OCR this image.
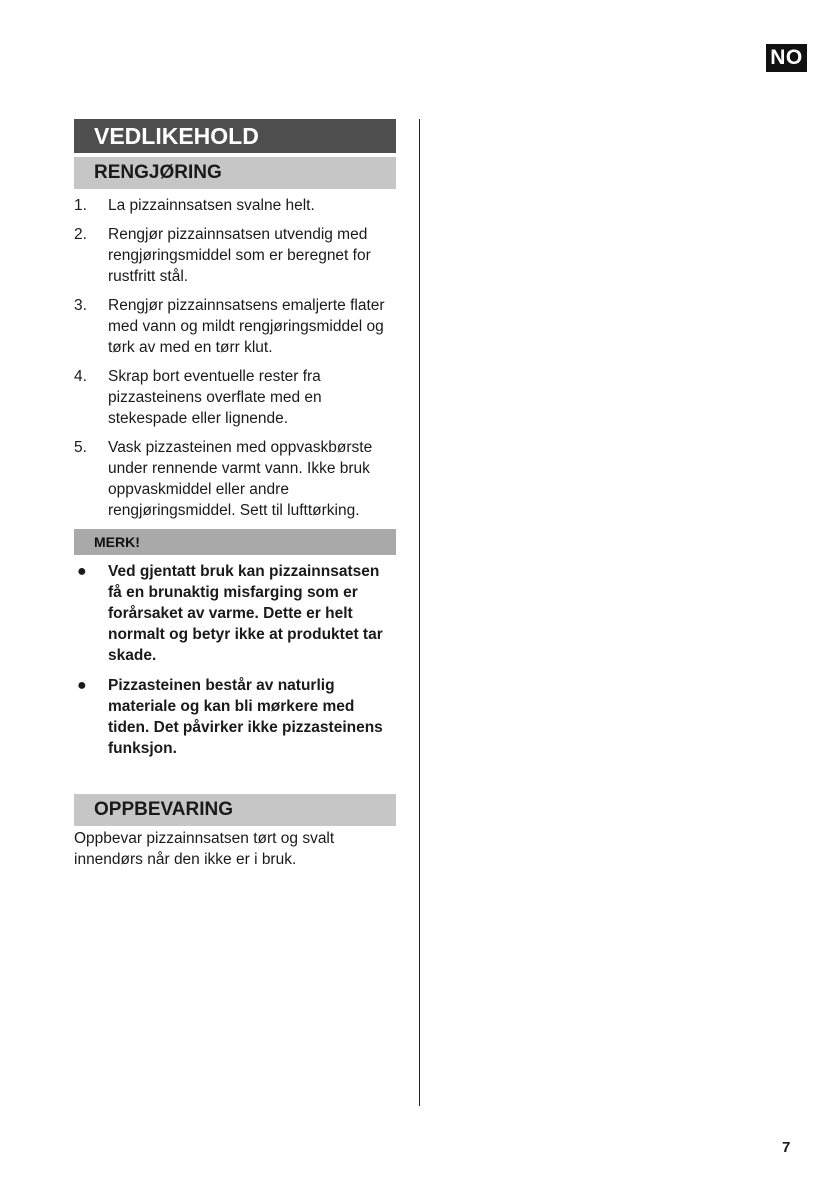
NO
VEDLIKEHOLD
RENGJØRING
1.	La pizzainnsatsen svalne helt.
2.	Rengjør pizzainnsatsen utvendig med rengjøringsmiddel som er beregnet for rustfritt stål.
3.	Rengjør pizzainnsatsens emaljerte flater med vann og mildt rengjøringsmiddel og tørk av med en tørr klut.
4.	Skrap bort eventuelle rester fra pizzasteinens overflate med en stekespade eller lignende.
5.	Vask pizzasteinen med oppvaskbørste under rennende varmt vann. Ikke bruk oppvaskmiddel eller andre rengjøringsmiddel. Sett til lufttørking.
MERK!
●	Ved gjentatt bruk kan pizzainnsatsen få en brunaktig misfarging som er forårsaket av varme. Dette er helt normalt og betyr ikke at produktet tar skade.
●	Pizzasteinen består av naturlig materiale og kan bli mørkere med tiden. Det påvirker ikke pizzasteinens funksjon.
OPPBEVARING
Oppbevar pizzainnsatsen tørt og svalt innendørs når den ikke er i bruk.
7
